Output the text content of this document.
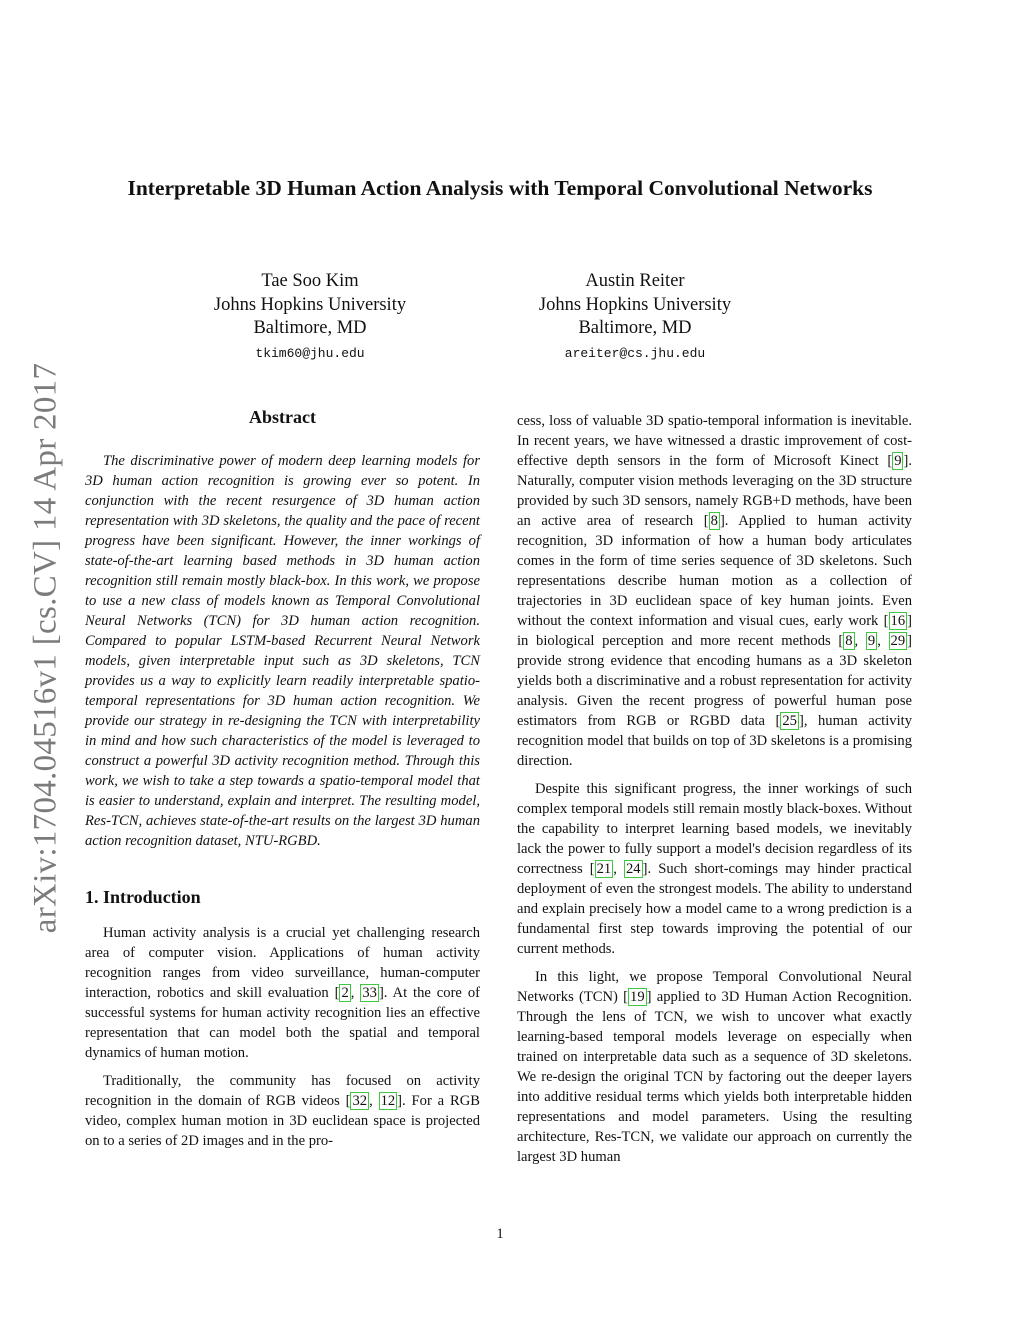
arXiv:1704.04516v1 [cs.CV] 14 Apr 2017
Interpretable 3D Human Action Analysis with Temporal Convolutional Networks
Tae Soo Kim
Johns Hopkins University
Baltimore, MD
tkim60@jhu.edu
Austin Reiter
Johns Hopkins University
Baltimore, MD
areiter@cs.jhu.edu
Abstract

The discriminative power of modern deep learning models for 3D human action recognition is growing ever so potent. In conjunction with the recent resurgence of 3D human action representation with 3D skeletons, the quality and the pace of recent progress have been significant. However, the inner workings of state-of-the-art learning based methods in 3D human action recognition still remain mostly black-box. In this work, we propose to use a new class of models known as Temporal Convolutional Neural Networks (TCN) for 3D human action recognition. Compared to popular LSTM-based Recurrent Neural Network models, given interpretable input such as 3D skeletons, TCN provides us a way to explicitly learn readily interpretable spatio-temporal representations for 3D human action recognition. We provide our strategy in re-designing the TCN with interpretability in mind and how such characteristics of the model is leveraged to construct a powerful 3D activity recognition method. Through this work, we wish to take a step towards a spatio-temporal model that is easier to understand, explain and interpret. The resulting model, Res-TCN, achieves state-of-the-art results on the largest 3D human action recognition dataset, NTU-RGBD.

1. Introduction

Human activity analysis is a crucial yet challenging research area of computer vision. Applications of human activity recognition ranges from video surveillance, human-computer interaction, robotics and skill evaluation [ 2 , 33 ]. At the core of successful systems for human activity recognition lies an effective representation that can model both the spatial and temporal dynamics of human motion.

Traditionally, the community has focused on activity recognition in the domain of RGB videos [ 32 , 12 ]. For a RGB video, complex human motion in 3D euclidean space is projected on to a series of 2D images and in the pro-

cess, loss of valuable 3D spatio-temporal information is inevitable. In recent years, we have witnessed a drastic improvement of cost-effective depth sensors in the form of Microsoft Kinect [ 9 ]. Naturally, computer vision methods leveraging on the 3D structure provided by such 3D sensors, namely RGB+D methods, have been an active area of research [ 8 ]. Applied to human activity recognition, 3D information of how a human body articulates comes in the form of time series sequence of 3D skeletons. Such representations describe human motion as a collection of trajectories in 3D euclidean space of key human joints. Even without the context information and visual cues, early work [ 16 ] in biological perception and more recent methods [ 8 , 9 , 29 ] provide strong evidence that encoding humans as a 3D skeleton yields both a discriminative and a robust representation for activity analysis. Given the recent progress of powerful human pose estimators from RGB or RGBD data [ 25 ], human activity recognition model that builds on top of 3D skeletons is a promising direction.

Despite this significant progress, the inner workings of such complex temporal models still remain mostly black-boxes. Without the capability to interpret learning based models, we inevitably lack the power to fully support a model's decision regardless of its correctness [ 21 , 24 ]. Such short-comings may hinder practical deployment of even the strongest models. The ability to understand and explain precisely how a model came to a wrong prediction is a fundamental first step towards improving the potential of our current methods.

In this light, we propose Temporal Convolutional Neural Networks (TCN) [ 19 ] applied to 3D Human Action Recognition. Through the lens of TCN, we wish to uncover what exactly learning-based temporal models leverage on especially when trained on interpretable data such as a sequence of 3D skeletons. We re-design the original TCN by factoring out the deeper layers into additive residual terms which yields both interpretable hidden representations and model parameters. Using the resulting architecture, Res-TCN, we validate our approach on currently the largest 3D human

1
